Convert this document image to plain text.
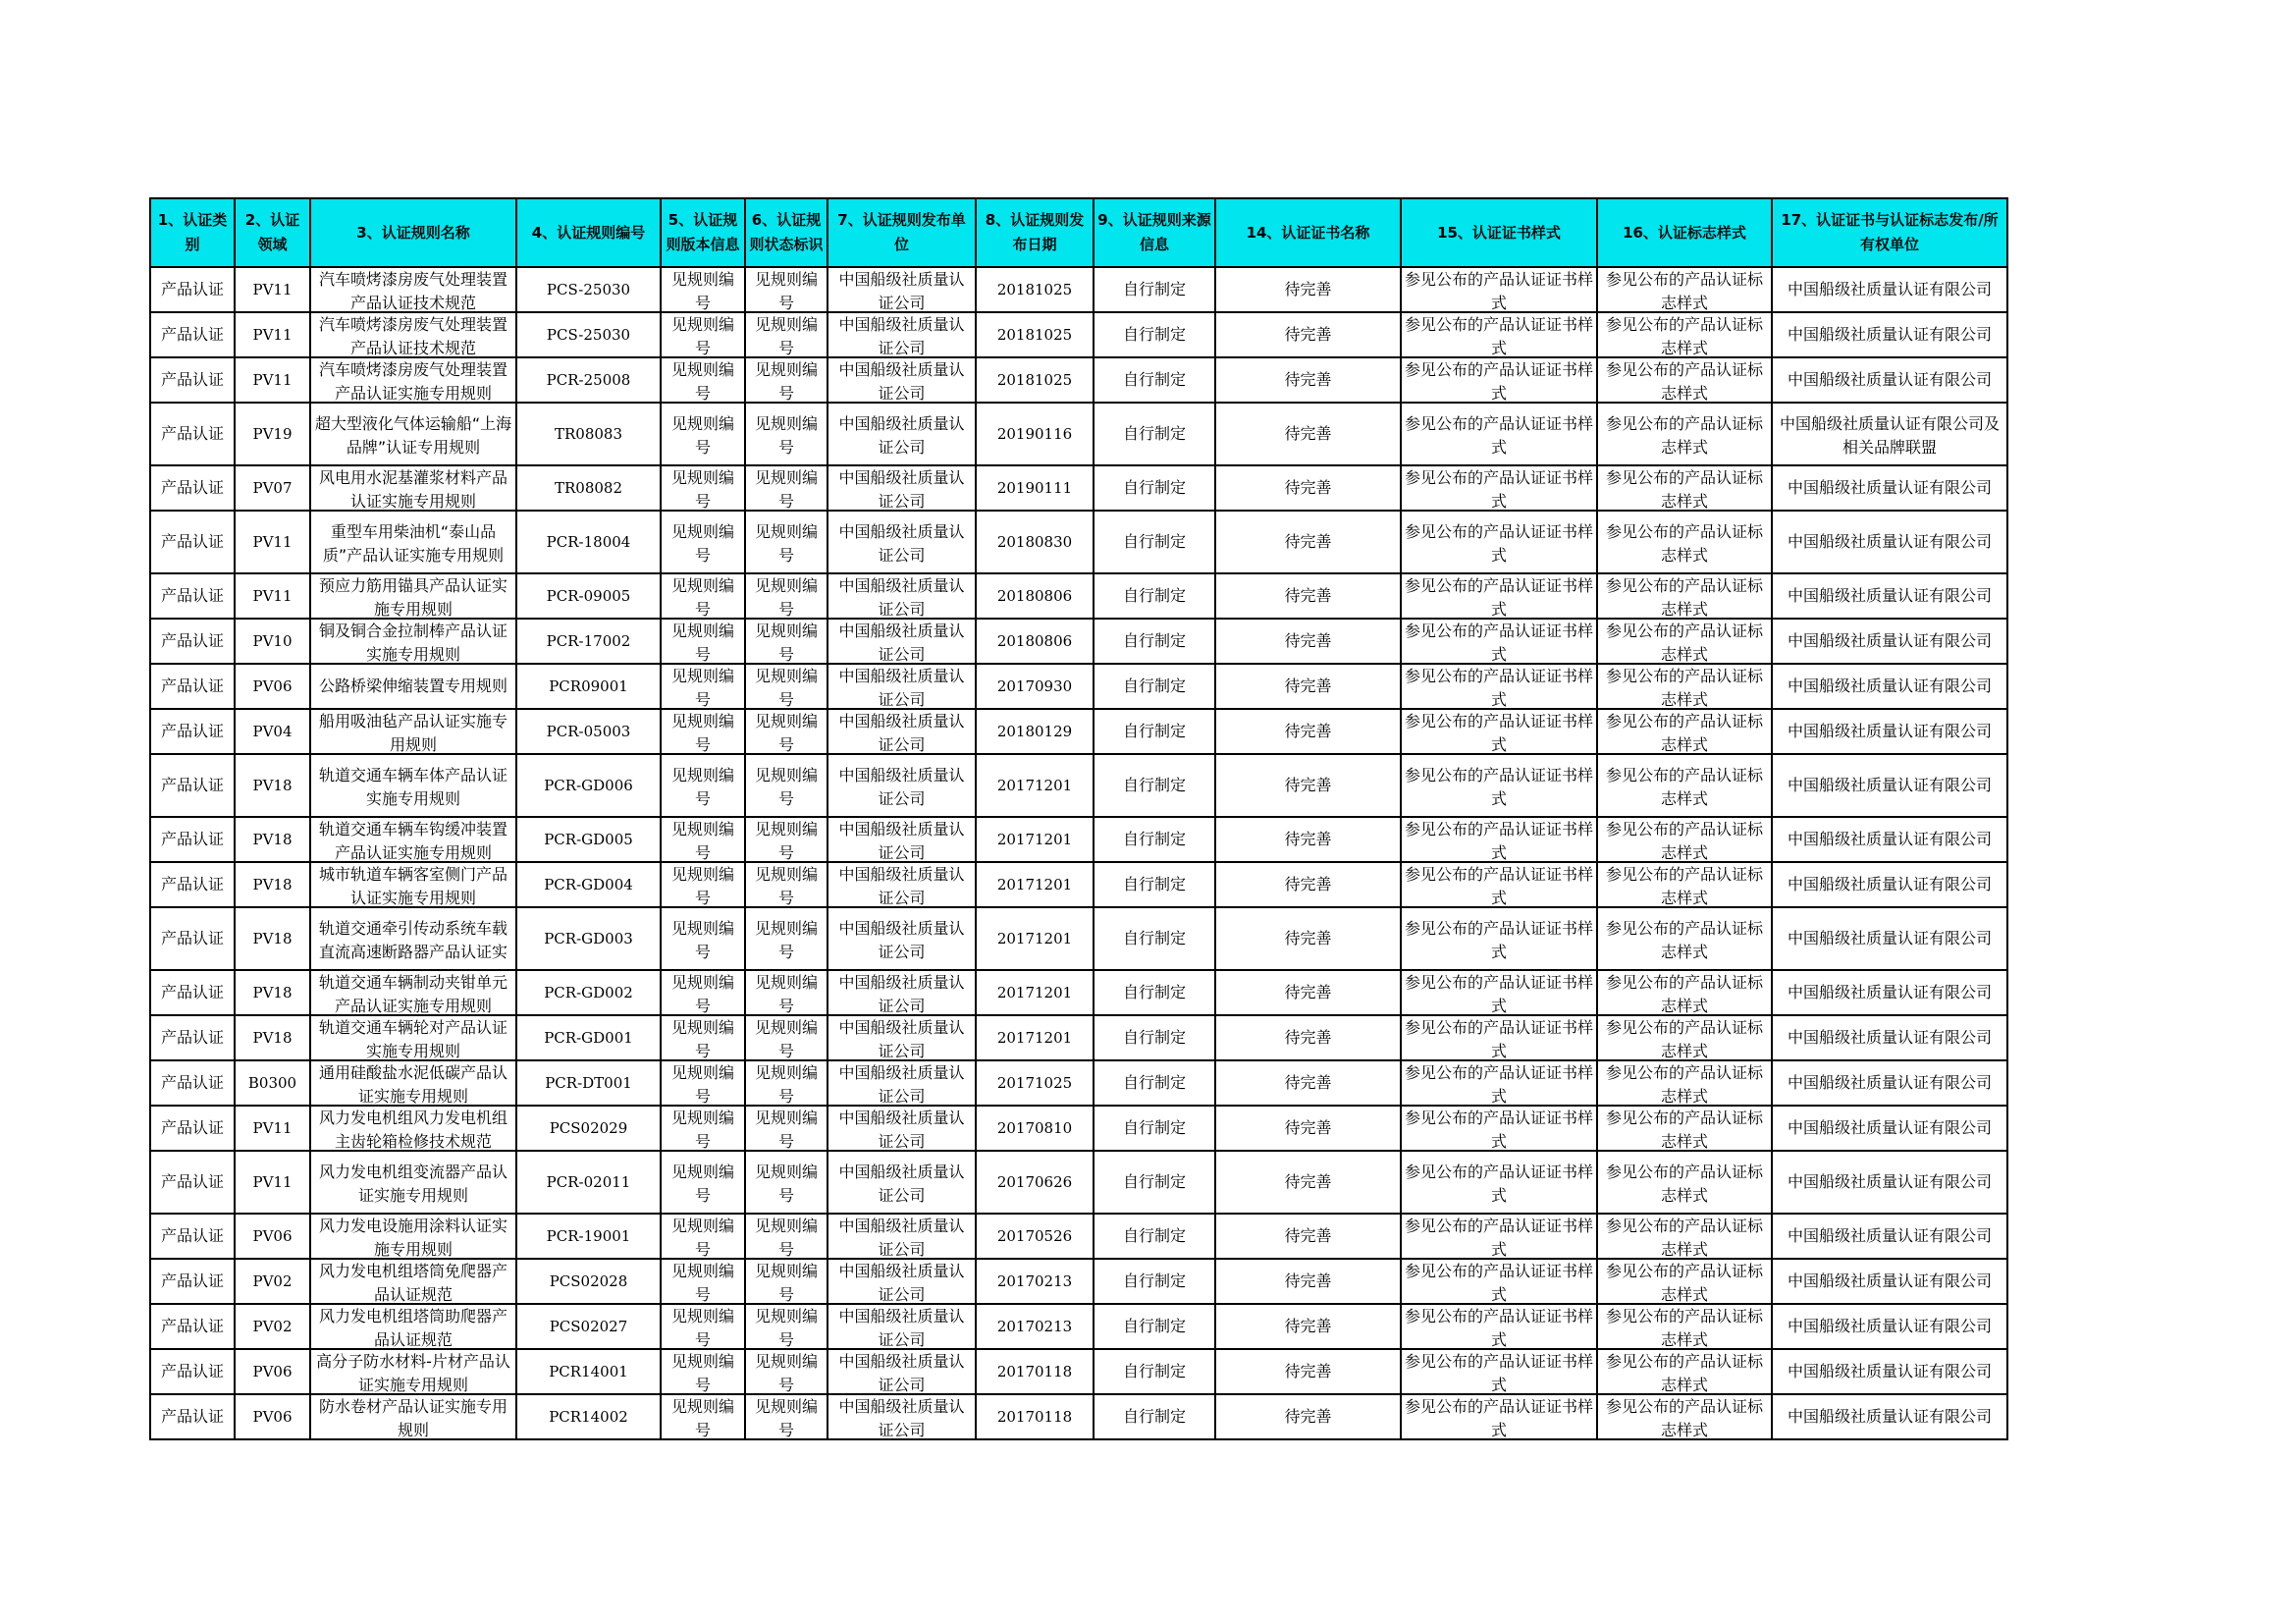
1、认证类别	2、认证领域	3、认证规则名称	4、认证规则编号	5、认证规则版本信息	6、认证规则状态标识	7、认证规则发布单位	8、认证规则发布日期	9、认证规则来源信息	14、认证证书名称	15、认证证书样式	16、认证标志样式	17、认证证书与认证标志发布/所有权单位

产品认证	PV11	汽车喷烤漆房废气处理装置产品认证技术规范	PCS-25030	见规则编号	见规则编号	中国船级社质量认证公司	20181025	自行制定	待完善	参见公布的产品认证证书样式	参见公布的产品认证标志样式	中国船级社质量认证有限公司

产品认证	PV11	汽车喷烤漆房废气处理装置产品认证技术规范	PCS-25030	见规则编号	见规则编号	中国船级社质量认证公司	20181025	自行制定	待完善	参见公布的产品认证证书样式	参见公布的产品认证标志样式	中国船级社质量认证有限公司

产品认证	PV11	汽车喷烤漆房废气处理装置产品认证实施专用规则	PCR-25008	见规则编号	见规则编号	中国船级社质量认证公司	20181025	自行制定	待完善	参见公布的产品认证证书样式	参见公布的产品认证标志样式	中国船级社质量认证有限公司

产品认证	PV19	超大型液化气体运输船“上海品牌”认证专用规则	TR08083	见规则编号	见规则编号	中国船级社质量认证公司	20190116	自行制定	待完善	参见公布的产品认证证书样式	参见公布的产品认证标志样式	中国船级社质量认证有限公司及相关品牌联盟

产品认证	PV07	风电用水泥基灌浆材料产品认证实施专用规则	TR08082	见规则编号	见规则编号	中国船级社质量认证公司	20190111	自行制定	待完善	参见公布的产品认证证书样式	参见公布的产品认证标志样式	中国船级社质量认证有限公司

产品认证	PV11	重型车用柴油机“泰山品质”产品认证实施专用规则	PCR-18004	见规则编号	见规则编号	中国船级社质量认证公司	20180830	自行制定	待完善	参见公布的产品认证证书样式	参见公布的产品认证标志样式	中国船级社质量认证有限公司

产品认证	PV11	预应力筋用锚具产品认证实施专用规则	PCR-09005	见规则编号	见规则编号	中国船级社质量认证公司	20180806	自行制定	待完善	参见公布的产品认证证书样式	参见公布的产品认证标志样式	中国船级社质量认证有限公司

产品认证	PV10	铜及铜合金拉制棒产品认证实施专用规则	PCR-17002	见规则编号	见规则编号	中国船级社质量认证公司	20180806	自行制定	待完善	参见公布的产品认证证书样式	参见公布的产品认证标志样式	中国船级社质量认证有限公司

产品认证	PV06	公路桥梁伸缩装置专用规则	PCR09001	见规则编号	见规则编号	中国船级社质量认证公司	20170930	自行制定	待完善	参见公布的产品认证证书样式	参见公布的产品认证标志样式	中国船级社质量认证有限公司

产品认证	PV04	船用吸油毡产品认证实施专用规则	PCR-05003	见规则编号	见规则编号	中国船级社质量认证公司	20180129	自行制定	待完善	参见公布的产品认证证书样式	参见公布的产品认证标志样式	中国船级社质量认证有限公司

产品认证	PV18	轨道交通车辆车体产品认证实施专用规则	PCR-GD006	见规则编号	见规则编号	中国船级社质量认证公司	20171201	自行制定	待完善	参见公布的产品认证证书样式	参见公布的产品认证标志样式	中国船级社质量认证有限公司

产品认证	PV18	轨道交通车辆车钩缓冲装置 产品认证实施专用规则	PCR-GD005	见规则编号	见规则编号	中国船级社质量认证公司	20171201	自行制定	待完善	参见公布的产品认证证书样式	参见公布的产品认证标志样式	中国船级社质量认证有限公司

产品认证	PV18	城市轨道车辆客室侧门产品认证实施专用规则	PCR-GD004	见规则编号	见规则编号	中国船级社质量认证公司	20171201	自行制定	待完善	参见公布的产品认证证书样式	参见公布的产品认证标志样式	中国船级社质量认证有限公司

产品认证	PV18	轨道交通牵引传动系统车载直流高速断路器产品认证实	PCR-GD003	见规则编号	见规则编号	中国船级社质量认证公司	20171201	自行制定	待完善	参见公布的产品认证证书样式	参见公布的产品认证标志样式	中国船级社质量认证有限公司

产品认证	PV18	轨道交通车辆制动夹钳单元 产品认证实施专用规则	PCR-GD002	见规则编号	见规则编号	中国船级社质量认证公司	20171201	自行制定	待完善	参见公布的产品认证证书样式	参见公布的产品认证标志样式	中国船级社质量认证有限公司

产品认证	PV18	轨道交通车辆轮对产品认证实施专用规则	PCR-GD001	见规则编号	见规则编号	中国船级社质量认证公司	20171201	自行制定	待完善	参见公布的产品认证证书样式	参见公布的产品认证标志样式	中国船级社质量认证有限公司

产品认证	B0300	通用硅酸盐水泥低碳产品认证实施专用规则	PCR-DT001	见规则编号	见规则编号	中国船级社质量认证公司	20171025	自行制定	待完善	参见公布的产品认证证书样式	参见公布的产品认证标志样式	中国船级社质量认证有限公司

产品认证	PV11	风力发电机组风力发电机组 主齿轮箱检修技术规范	PCS02029	见规则编号	见规则编号	中国船级社质量认证公司	20170810	自行制定	待完善	参见公布的产品认证证书样式	参见公布的产品认证标志样式	中国船级社质量认证有限公司

产品认证	PV11	风力发电机组变流器产品认证实施专用规则	PCR-02011	见规则编号	见规则编号	中国船级社质量认证公司	20170626	自行制定	待完善	参见公布的产品认证证书样式	参见公布的产品认证标志样式	中国船级社质量认证有限公司

产品认证	PV06	风力发电设施用涂料认证实施专用规则	PCR-19001	见规则编号	见规则编号	中国船级社质量认证公司	20170526	自行制定	待完善	参见公布的产品认证证书样式	参见公布的产品认证标志样式	中国船级社质量认证有限公司

产品认证	PV02	风力发电机组塔筒免爬器产品认证规范	PCS02028	见规则编号	见规则编号	中国船级社质量认证公司	20170213	自行制定	待完善	参见公布的产品认证证书样式	参见公布的产品认证标志样式	中国船级社质量认证有限公司

产品认证	PV02	风力发电机组塔筒助爬器产品认证规范	PCS02027	见规则编号	见规则编号	中国船级社质量认证公司	20170213	自行制定	待完善	参见公布的产品认证证书样式	参见公布的产品认证标志样式	中国船级社质量认证有限公司

产品认证	PV06	高分子防水材料-片材产品认证实施专用规则	PCR14001	见规则编号	见规则编号	中国船级社质量认证公司	20170118	自行制定	待完善	参见公布的产品认证证书样式	参见公布的产品认证标志样式	中国船级社质量认证有限公司

产品认证	PV06	防水卷材产品认证实施专用规则	PCR14002	见规则编号	见规则编号	中国船级社质量认证公司	20170118	自行制定	待完善	参见公布的产品认证证书样式	参见公布的产品认证标志样式	中国船级社质量认证有限公司
